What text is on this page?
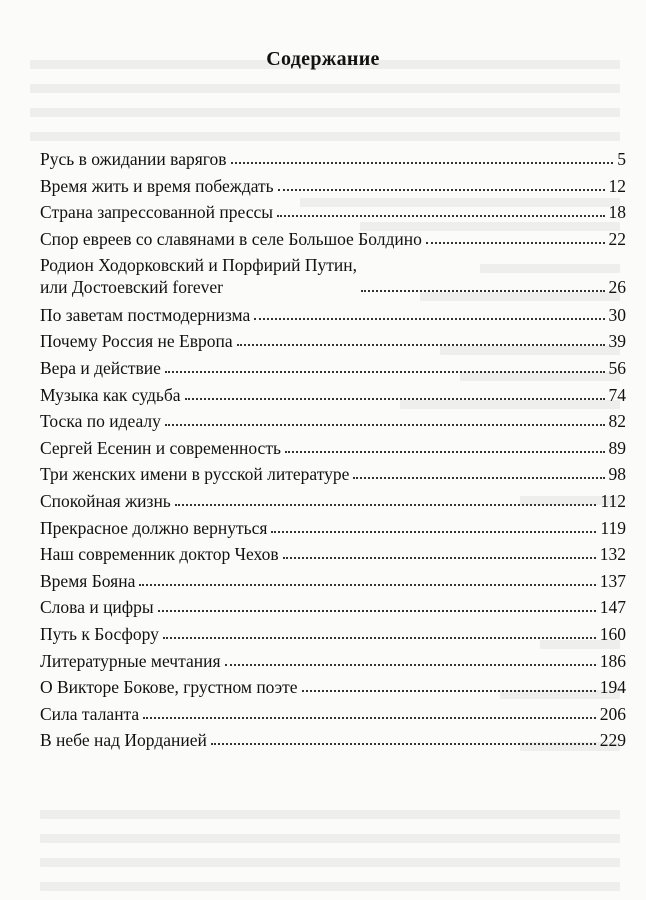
Содержание
Русь в ожидании варягов	5
Время жить и время побеждать	12
Страна запрессованной прессы	18
Спор евреев со славянами в селе Большое Болдино	22
Родион Ходорковский и Порфирий Путин,
или Достоевский forever	26
По заветам постмодернизма	30
Почему Россия не Европа	39
Вера и действие	56
Музыка как судьба	74
Тоска по идеалу	82
Сергей Есенин и современность	89
Три женских имени в русской литературе	98
Спокойная жизнь	112
Прекрасное должно вернуться	119
Наш современник доктор Чехов	132
Время Бояна	137
Слова и цифры	147
Путь к Босфору	160
Литературные мечтания	186
О Викторе Бокове, грустном поэте	194
Сила таланта	206
В небе над Иорданией	229
